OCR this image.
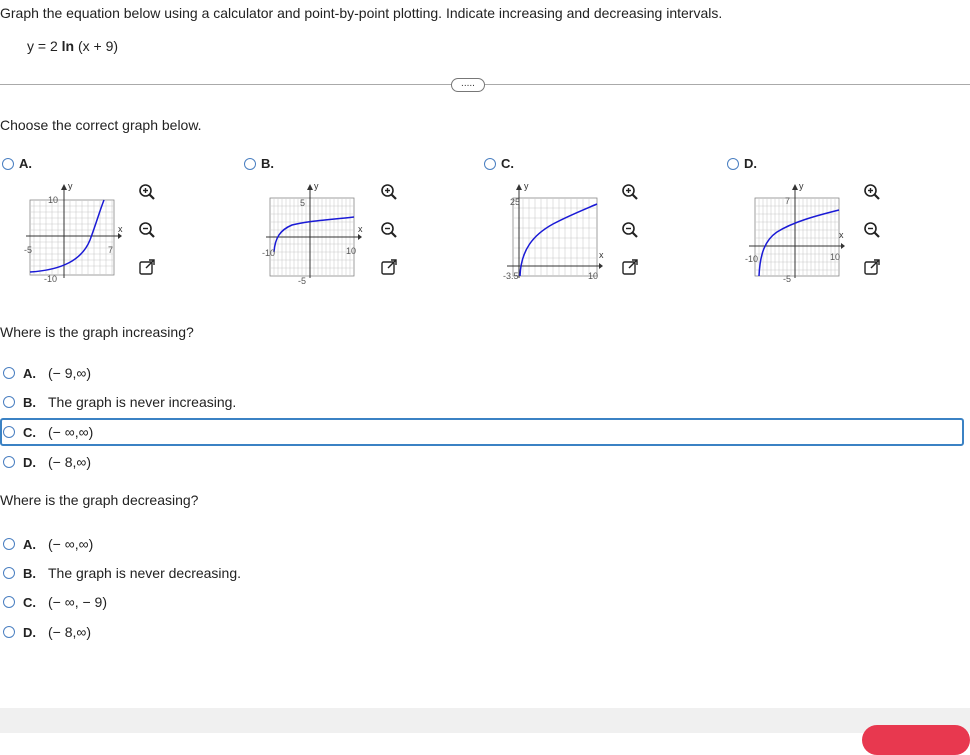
Graph the equation below using a calculator and point-by-point plotting. Indicate increasing and decreasing intervals.
y = 2 ln (x + 9)
.....
Choose the correct graph below.
A.
y
x
10
-5	7
-10
B.
y
x
5
-10	10
-5
C.
y
x
25
-3.5	10
D.
y
x
7
-10	10
-5
Where is the graph increasing?
A. (− 9,∞)
B. The graph is never increasing.
C. (− ∞,∞)
D. (− 8,∞)
Where is the graph decreasing?
A. (− ∞,∞)
B. The graph is never decreasing.
C. (− ∞, − 9)
D. (− 8,∞)
